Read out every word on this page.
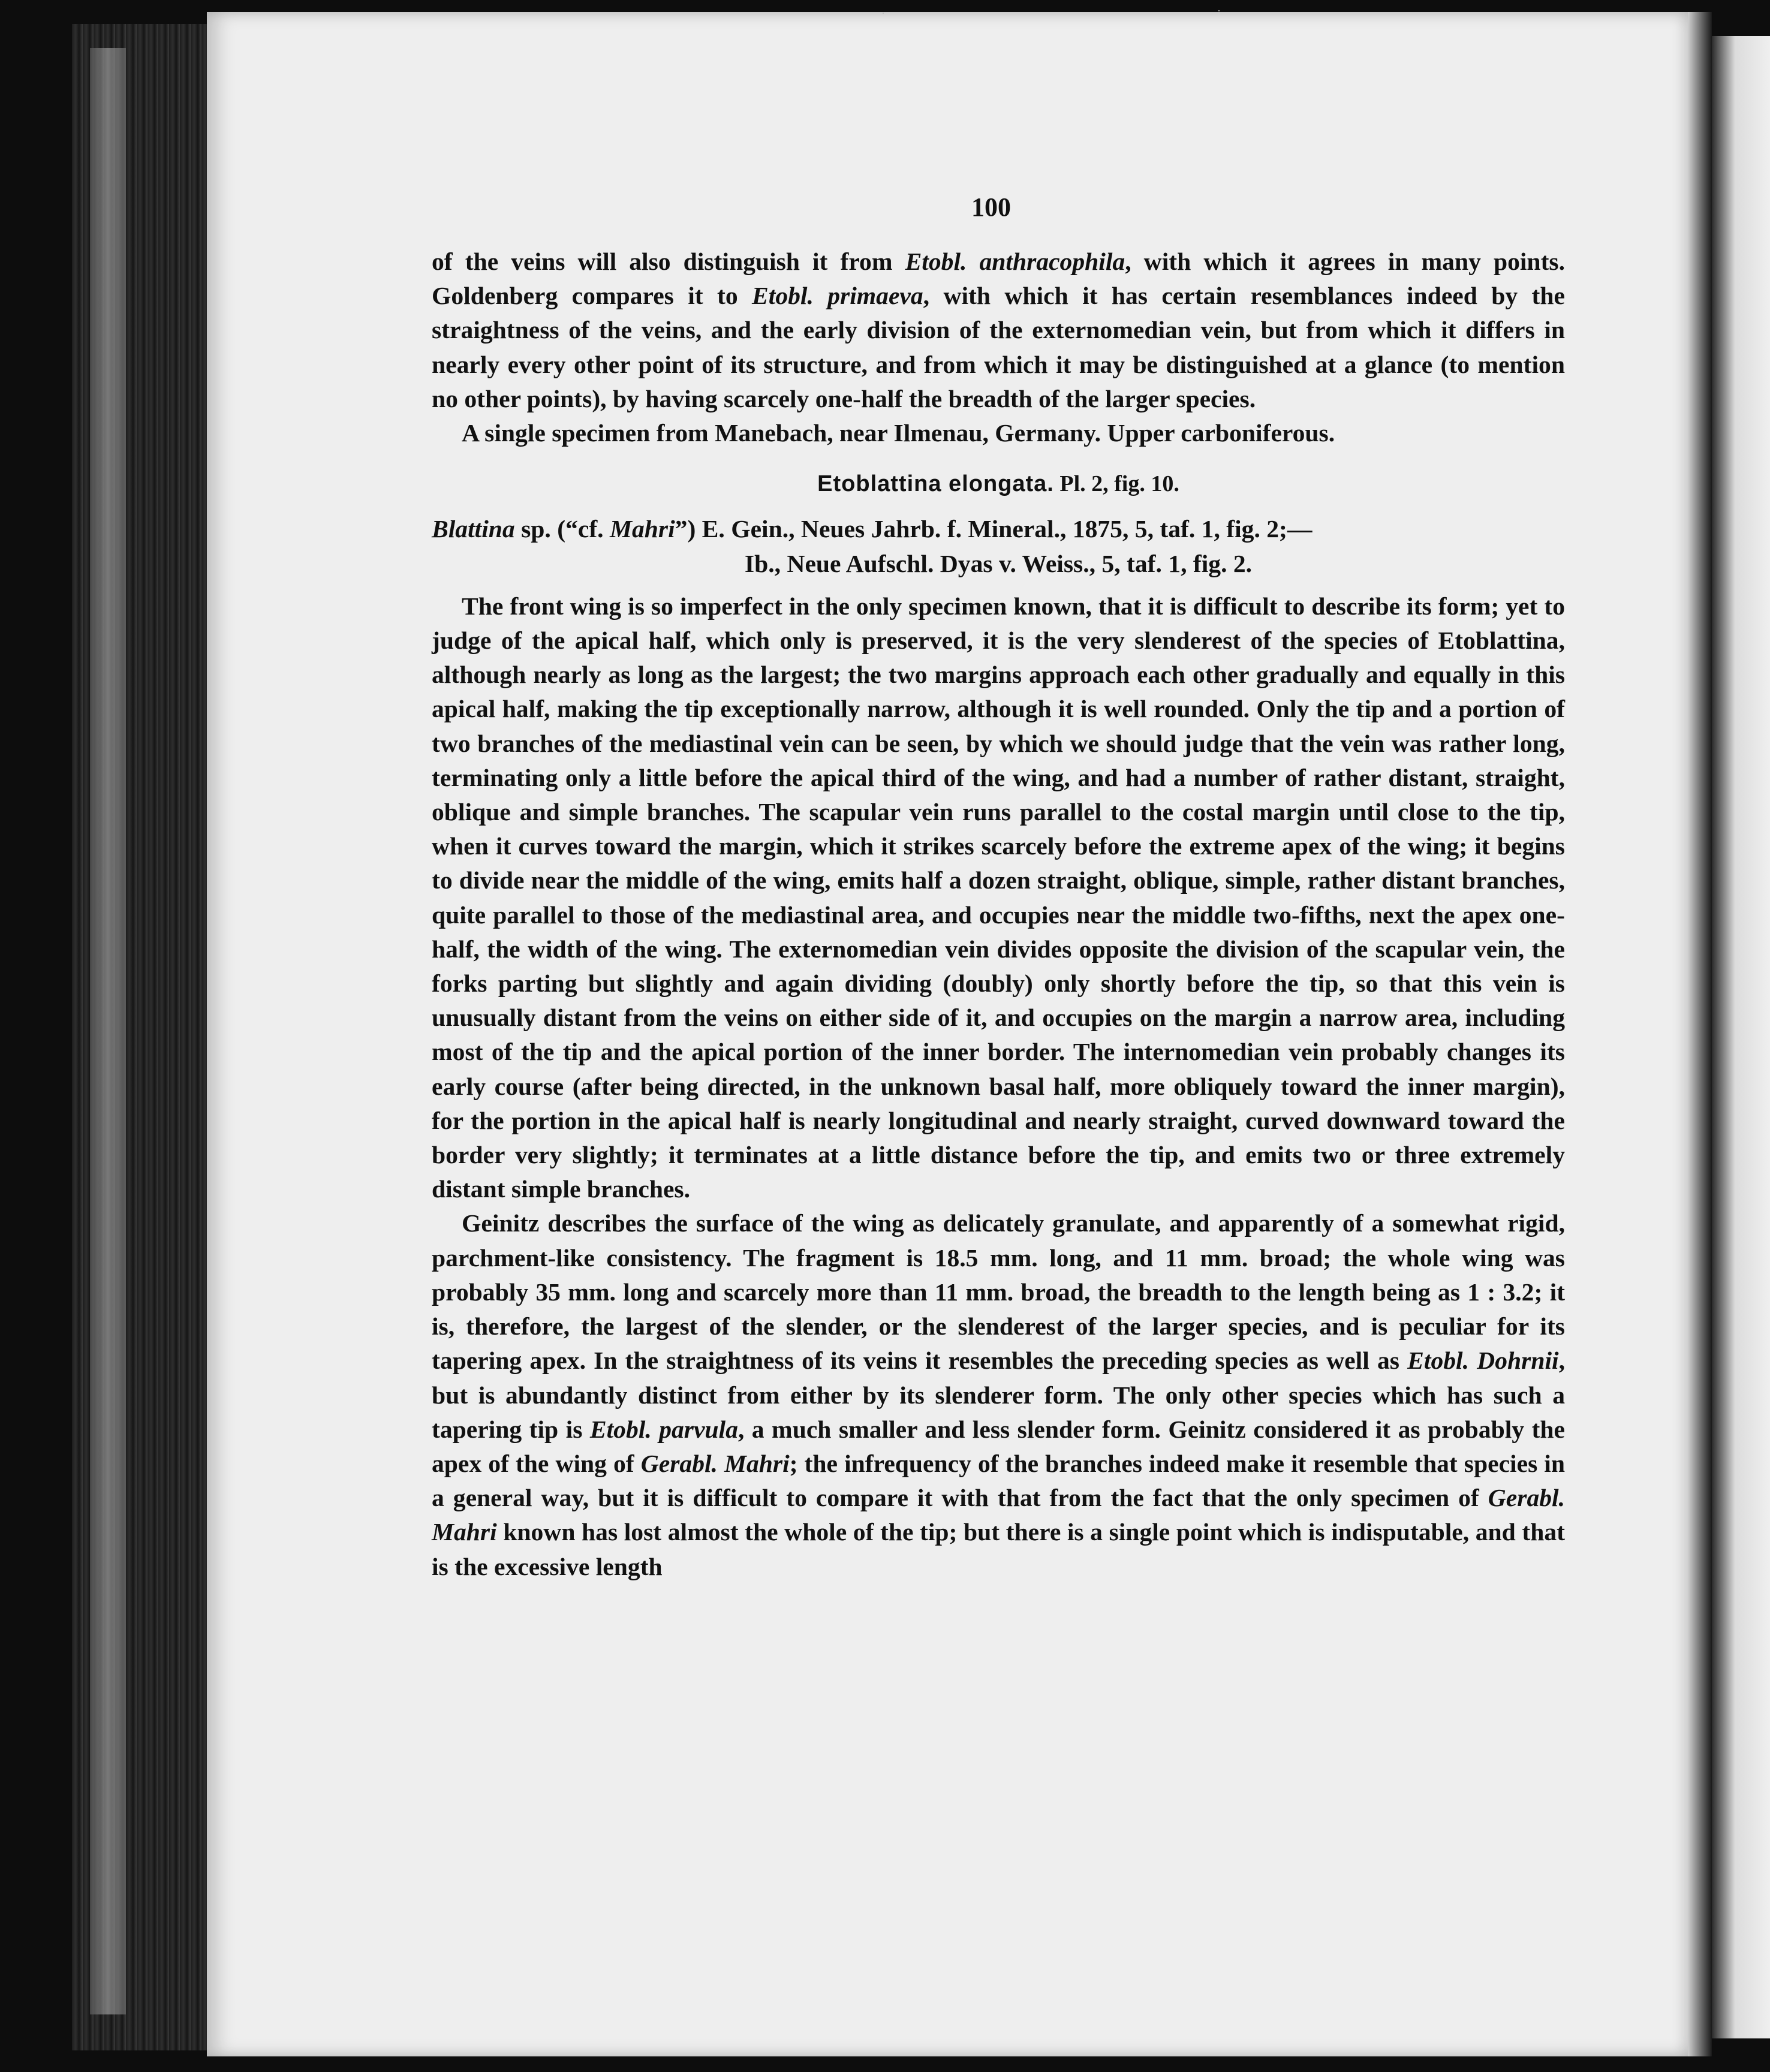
·	·
100

of the veins will also distinguish it from Etobl. anthracophila, with which it agrees in many points. Goldenberg compares it to Etobl. primaeva, with which it has certain resemblances indeed by the straightness of the veins, and the early division of the externomedian vein, but from which it differs in nearly every other point of its structure, and from which it may be distinguished at a glance (to mention no other points), by having scarcely one-half the breadth of the larger species.

A single specimen from Manebach, near Ilmenau, Germany. Upper carboniferous.

Etoblattina elongata. Pl. 2, fig. 10.

Blattina sp. (“cf. Mahri”) E. Gein., Neues Jahrb. f. Mineral., 1875, 5, taf. 1, fig. 2;—
Ib., Neue Aufschl. Dyas v. Weiss., 5, taf. 1, fig. 2.

The front wing is so imperfect in the only specimen known, that it is difficult to describe its form; yet to judge of the apical half, which only is preserved, it is the very slenderest of the species of Etoblattina, although nearly as long as the largest; the two margins approach each other gradually and equally in this apical half, making the tip exceptionally narrow, although it is well rounded. Only the tip and a portion of two branches of the mediastinal vein can be seen, by which we should judge that the vein was rather long, terminating only a little before the apical third of the wing, and had a number of rather distant, straight, oblique and simple branches. The scapular vein runs parallel to the costal margin until close to the tip, when it curves toward the margin, which it strikes scarcely before the extreme apex of the wing; it begins to divide near the middle of the wing, emits half a dozen straight, oblique, simple, rather distant branches, quite parallel to those of the mediastinal area, and occupies near the middle two-fifths, next the apex one-half, the width of the wing. The externomedian vein divides opposite the division of the scapular vein, the forks parting but slightly and again dividing (doubly) only shortly before the tip, so that this vein is unusually distant from the veins on either side of it, and occupies on the margin a narrow area, including most of the tip and the apical portion of the inner border. The internomedian vein probably changes its early course (after being directed, in the unknown basal half, more obliquely toward the inner margin), for the portion in the apical half is nearly longitudinal and nearly straight, curved downward toward the border very slightly; it terminates at a little distance before the tip, and emits two or three extremely distant simple branches.

Geinitz describes the surface of the wing as delicately granulate, and apparently of a somewhat rigid, parchment-like consistency. The fragment is 18.5 mm. long, and 11 mm. broad; the whole wing was probably 35 mm. long and scarcely more than 11 mm. broad, the breadth to the length being as 1 : 3.2; it is, therefore, the largest of the slender, or the slenderest of the larger species, and is peculiar for its tapering apex. In the straightness of its veins it resembles the preceding species as well as Etobl. Dohrnii, but is abundantly distinct from either by its slenderer form. The only other species which has such a tapering tip is Etobl. parvula, a much smaller and less slender form. Geinitz considered it as probably the apex of the wing of Gerabl. Mahri; the infrequency of the branches indeed make it resemble that species in a general way, but it is difficult to compare it with that from the fact that the only specimen of Gerabl. Mahri known has lost almost the whole of the tip; but there is a single point which is indisputable, and that is the excessive length
